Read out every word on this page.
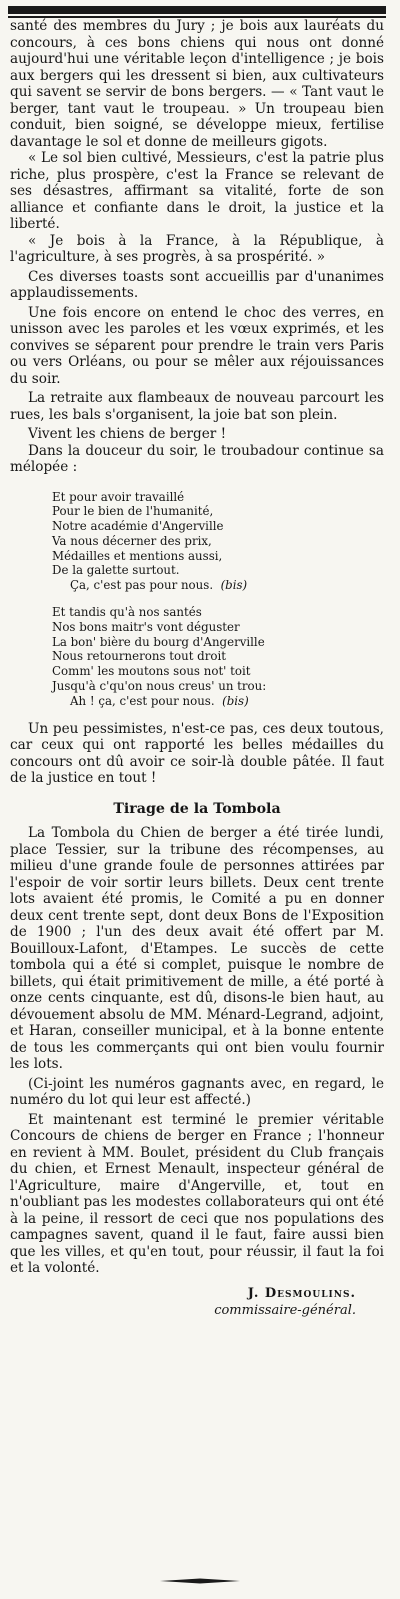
santé des membres du Jury ; je bois aux lauréats du concours, à ces bons chiens qui nous ont donné aujourd'hui une véritable leçon d'intelligence ; je bois aux bergers qui les dressent si bien, aux cultivateurs qui savent se servir de bons bergers. — « Tant vaut le berger, tant vaut le troupeau. » Un troupeau bien conduit, bien soigné, se développe mieux, fertilise davantage le sol et donne de meilleurs gigots.

« Le sol bien cultivé, Messieurs, c'est la patrie plus riche, plus prospère, c'est la France se relevant de ses désastres, affirmant sa vitalité, forte de son alliance et confiante dans le droit, la justice et la liberté.

« Je bois à la France, à la République, à l'agriculture, à ses progrès, à sa prospérité. »

Ces diverses toasts sont accueillis par d'unanimes applaudissements.

Une fois encore on entend le choc des verres, en unisson avec les paroles et les vœux exprimés, et les convives se séparent pour prendre le train vers Paris ou vers Orléans, ou pour se mêler aux réjouissances du soir.

La retraite aux flambeaux de nouveau parcourt les rues, les bals s'organisent, la joie bat son plein.

Vivent les chiens de berger !

Dans la douceur du soir, le troubadour continue sa mélopée :

Et pour avoir travaillé
Pour le bien de l'humanité,
Notre académie d'Angerville
Va nous décerner des prix,
Médailles et mentions aussi,
De la galette surtout.
Ça, c'est pas pour nous. (bis)
Et tandis qu'à nos santés
Nos bons maitr's vont déguster
La bon' bière du bourg d'Angerville
Nous retournerons tout droit
Comm' les moutons sous not' toit
Jusqu'à c'qu'on nous creus' un trou:
Ah ! ça, c'est pour nous. (bis)

Un peu pessimistes, n'est-ce pas, ces deux toutous, car ceux qui ont rapporté les belles médailles du concours ont dû avoir ce soir-là double pâtée. Il faut de la justice en tout !

Tirage de la Tombola

La Tombola du Chien de berger a été tirée lundi, place Tessier, sur la tribune des récompenses, au milieu d'une grande foule de personnes attirées par l'espoir de voir sortir leurs billets. Deux cent trente lots avaient été promis, le Comité a pu en donner deux cent trente sept, dont deux Bons de l'Exposition de 1900 ; l'un des deux avait été offert par M. Bouilloux-Lafont, d'Etampes. Le succès de cette tombola qui a été si complet, puisque le nombre de billets, qui était primitivement de mille, a été porté à onze cents cinquante, est dû, disons-le bien haut, au dévouement absolu de MM. Ménard-Legrand, adjoint, et Haran, conseiller municipal, et à la bonne entente de tous les commerçants qui ont bien voulu fournir les lots.

(Ci-joint les numéros gagnants avec, en regard, le numéro du lot qui leur est affecté.)

Et maintenant est terminé le premier véritable Concours de chiens de berger en France ; l'honneur en revient à MM. Boulet, président du Club français du chien, et Ernest Menault, inspecteur général de l'Agriculture, maire d'Angerville, et, tout en n'oubliant pas les modestes collaborateurs qui ont été à la peine, il ressort de ceci que nos populations des campagnes savent, quand il le faut, faire aussi bien que les villes, et qu'en tout, pour réussir, il faut la foi et la volonté.

J. Desmoulins.
commissaire-général.
